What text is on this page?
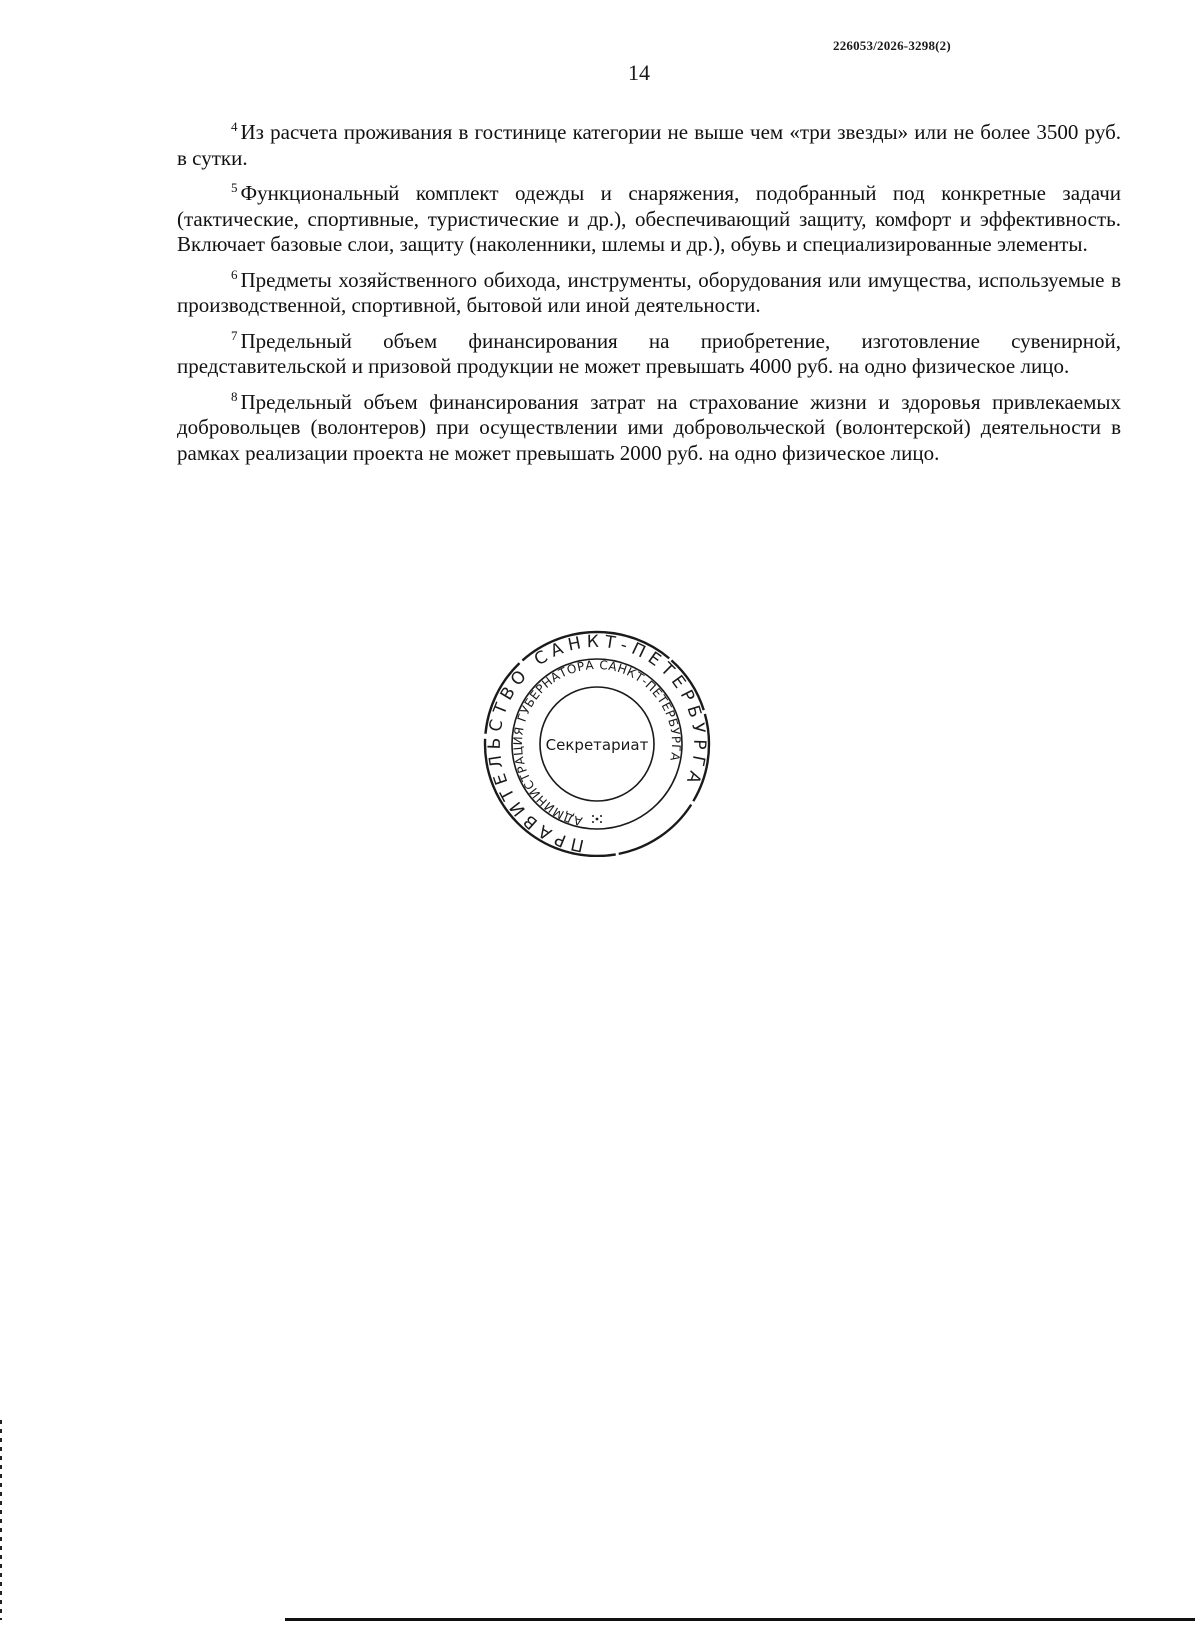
226053/2026-3298(2)
14

$^4$ Из расчета проживания в гостинице категории не выше чем «три звезды» или не более 3500 руб. в сутки.

$^5$ Функциональный комплект одежды и снаряжения, подобранный под конкретные задачи (тактические, спортивные, туристические и др.), обеспечивающий защиту, комфорт и эффективность. Включает базовые слои, защиту (наколенники, шлемы и др.), обувь и специализированные элементы.

$^6$ Предметы хозяйственного обихода, инструменты, оборудования или имущества, используемые в производственной, спортивной, бытовой или иной деятельности.

$^7$ Предельный объем финансирования на приобретение, изготовление сувенирной, представительской и призовой продукции не может превышать 4000 руб. на одно физическое лицо.

$^8$ Предельный объем финансирования затрат на страхование жизни и здоровья привлекаемых добровольцев (волонтеров) при осуществлении ими добровольческой (волонтерской) деятельности в рамках реализации проекта не может превышать 2000 руб. на одно физическое лицо.

ПРАВИТЕЛЬСТВО САНКТ-ПЕТЕРБУРГА
АДМИНИСТРАЦИЯ ГУБЕРНАТОРА САНКТ-ПЕТЕРБУРГА
Секретариат
